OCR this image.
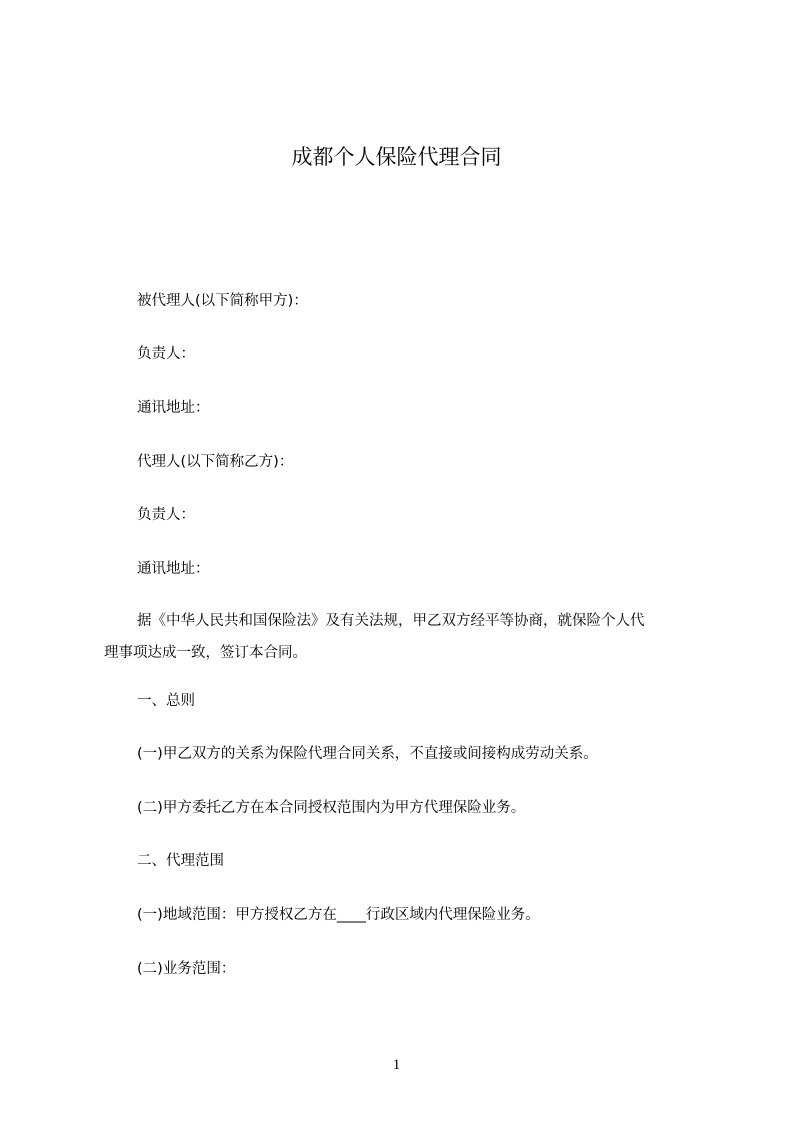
成都个人保险代理合同
被代理人(以下简称甲方)：
负责人：
通讯地址：
代理人(以下简称乙方)：
负责人：
通讯地址：
据《中华人民共和国保险法》及有关法规，甲乙双方经平等协商，就保险个人代
理事项达成一致，签订本合同。
一、总则
(一)甲乙双方的关系为保险代理合同关系，不直接或间接构成劳动关系。
(二)甲方委托乙方在本合同授权范围内为甲方代理保险业务。
二、代理范围
(一)地域范围：甲方授权乙方在____行政区域内代理保险业务。
(二)业务范围：
1
